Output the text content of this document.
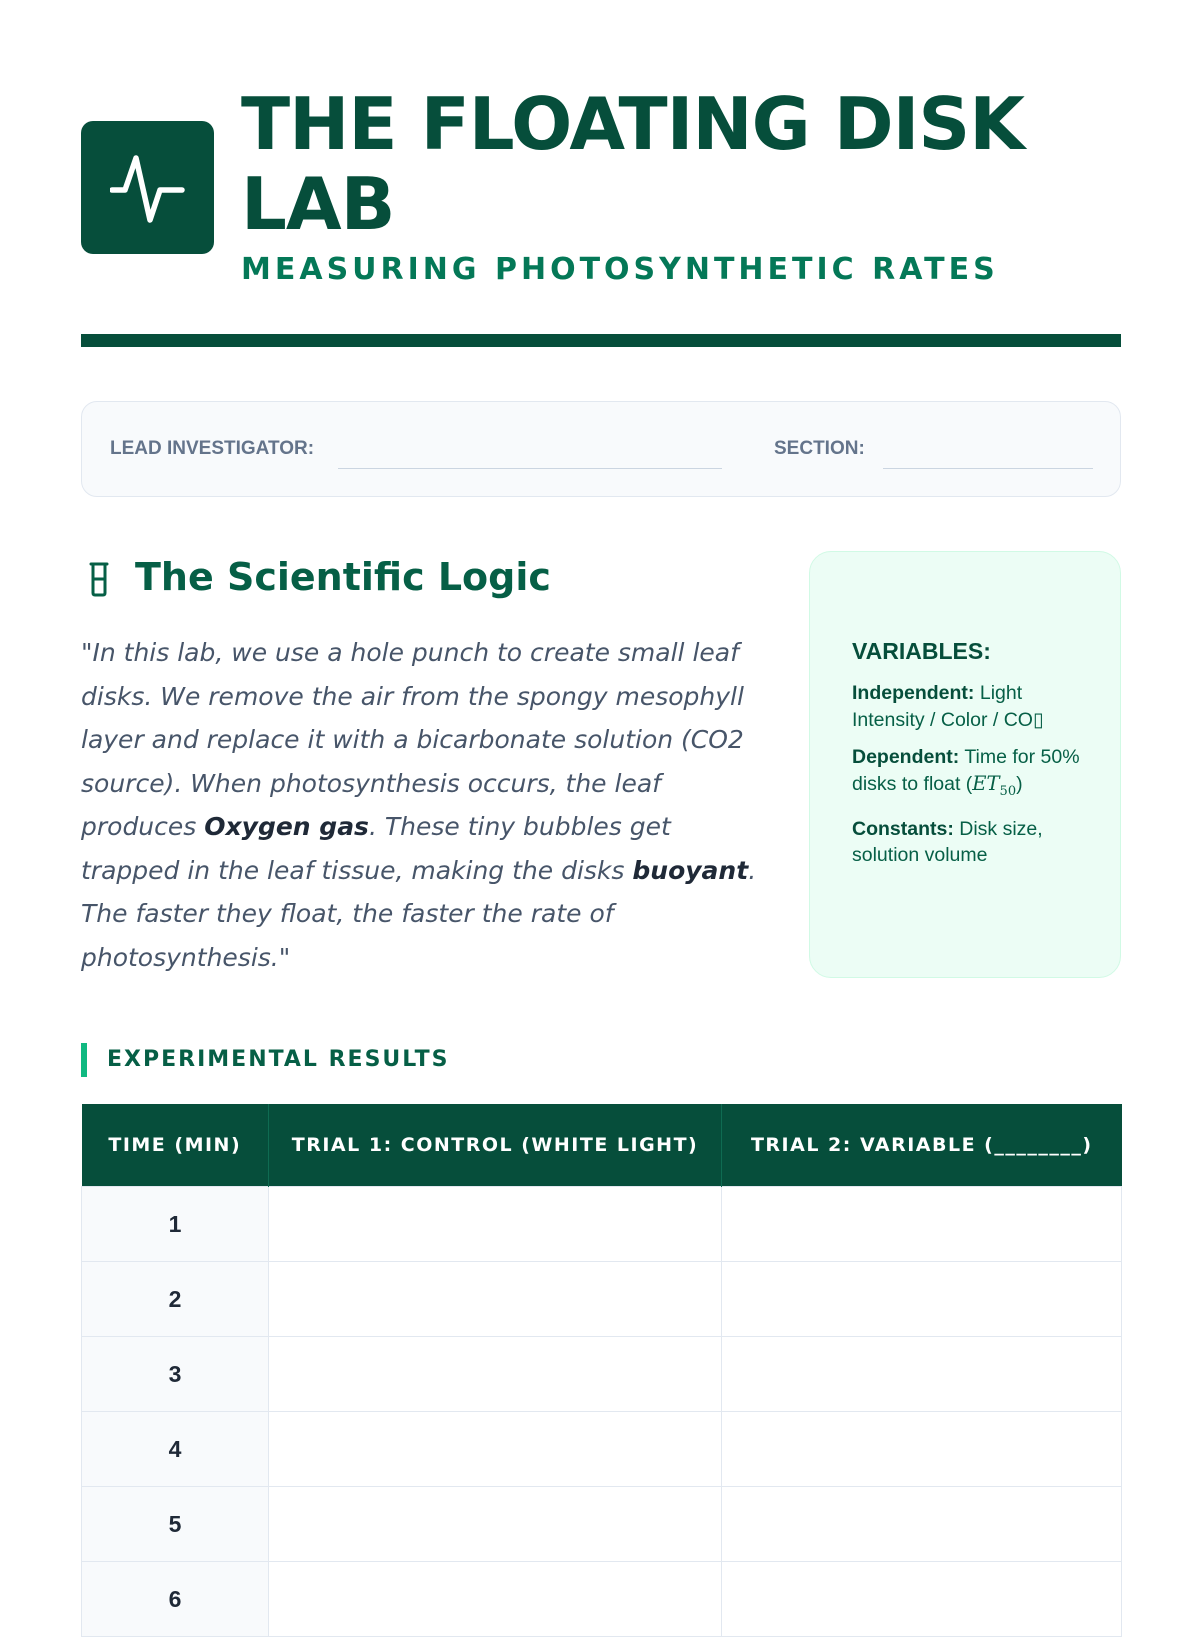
THE FLOATING DISK LAB
MEASURING PHOTOSYNTHETIC RATES
LEAD INVESTIGATOR:	SECTION:
The Scientific Logic

"In this lab, we use a hole punch to create small leaf disks. We remove the air from the spongy mesophyll layer and replace it with a bicarbonate solution (CO2 source). When photosynthesis occurs, the leaf produces Oxygen gas. These tiny bubbles get trapped in the leaf tissue, making the disks buoyant. The faster they float, the faster the rate of photosynthesis."

VARIABLES:
Independent: Light Intensity / Color / CO▯
Dependent: Time for 50% disks to float $(ET_{50})$
Constants: Disk size, solution volume
EXPERIMENTAL RESULTS
TIME (MIN)	TRIAL 1: CONTROL (WHITE LIGHT)	TRIAL 2: VARIABLE (________)
1		
2		
3		
4		
5		
6		
